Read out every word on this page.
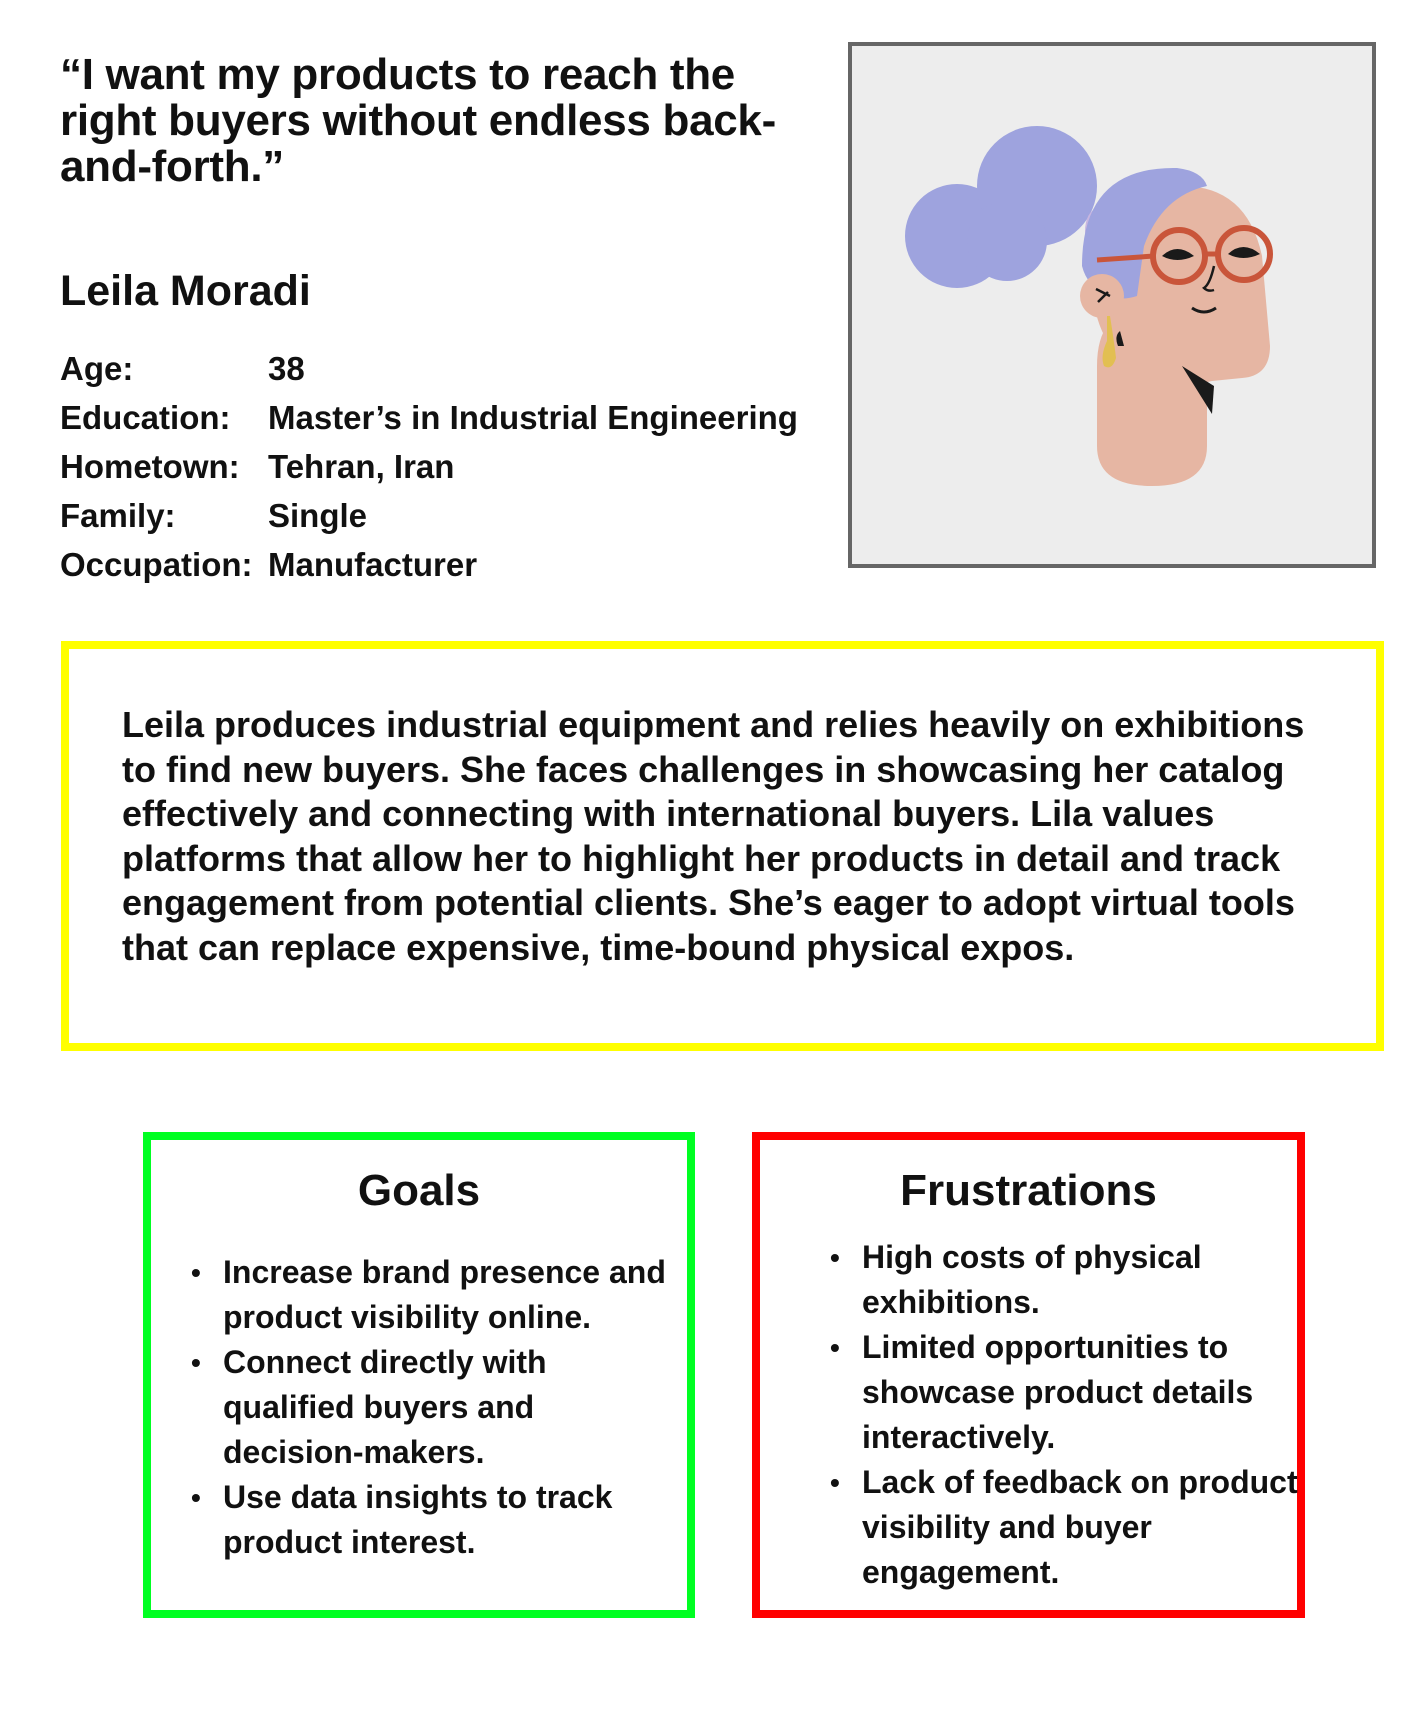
“I want my products to reach the right buyers without endless back-and-forth.”
Leila Moradi
Age:	38
Education:	Master’s in Industrial Engineering
Hometown: Tehran, Iran
Family:	Single
Occupation: Manufacturer

Leila produces industrial equipment and relies heavily on exhibitions to find new buyers. She faces challenges in showcasing her catalog effectively and connecting with international buyers. Lila values platforms that allow her to highlight her products in detail and track engagement from potential clients. She’s eager to adopt virtual tools that can replace expensive, time-bound physical expos.

Goals
• Increase brand presence and product visibility online.
• Connect directly with qualified buyers and decision-makers.
• Use data insights to track product interest.
Frustrations
• High costs of physical exhibitions.
• Limited opportunities to showcase product details interactively.
• Lack of feedback on product visibility and buyer engagement.
